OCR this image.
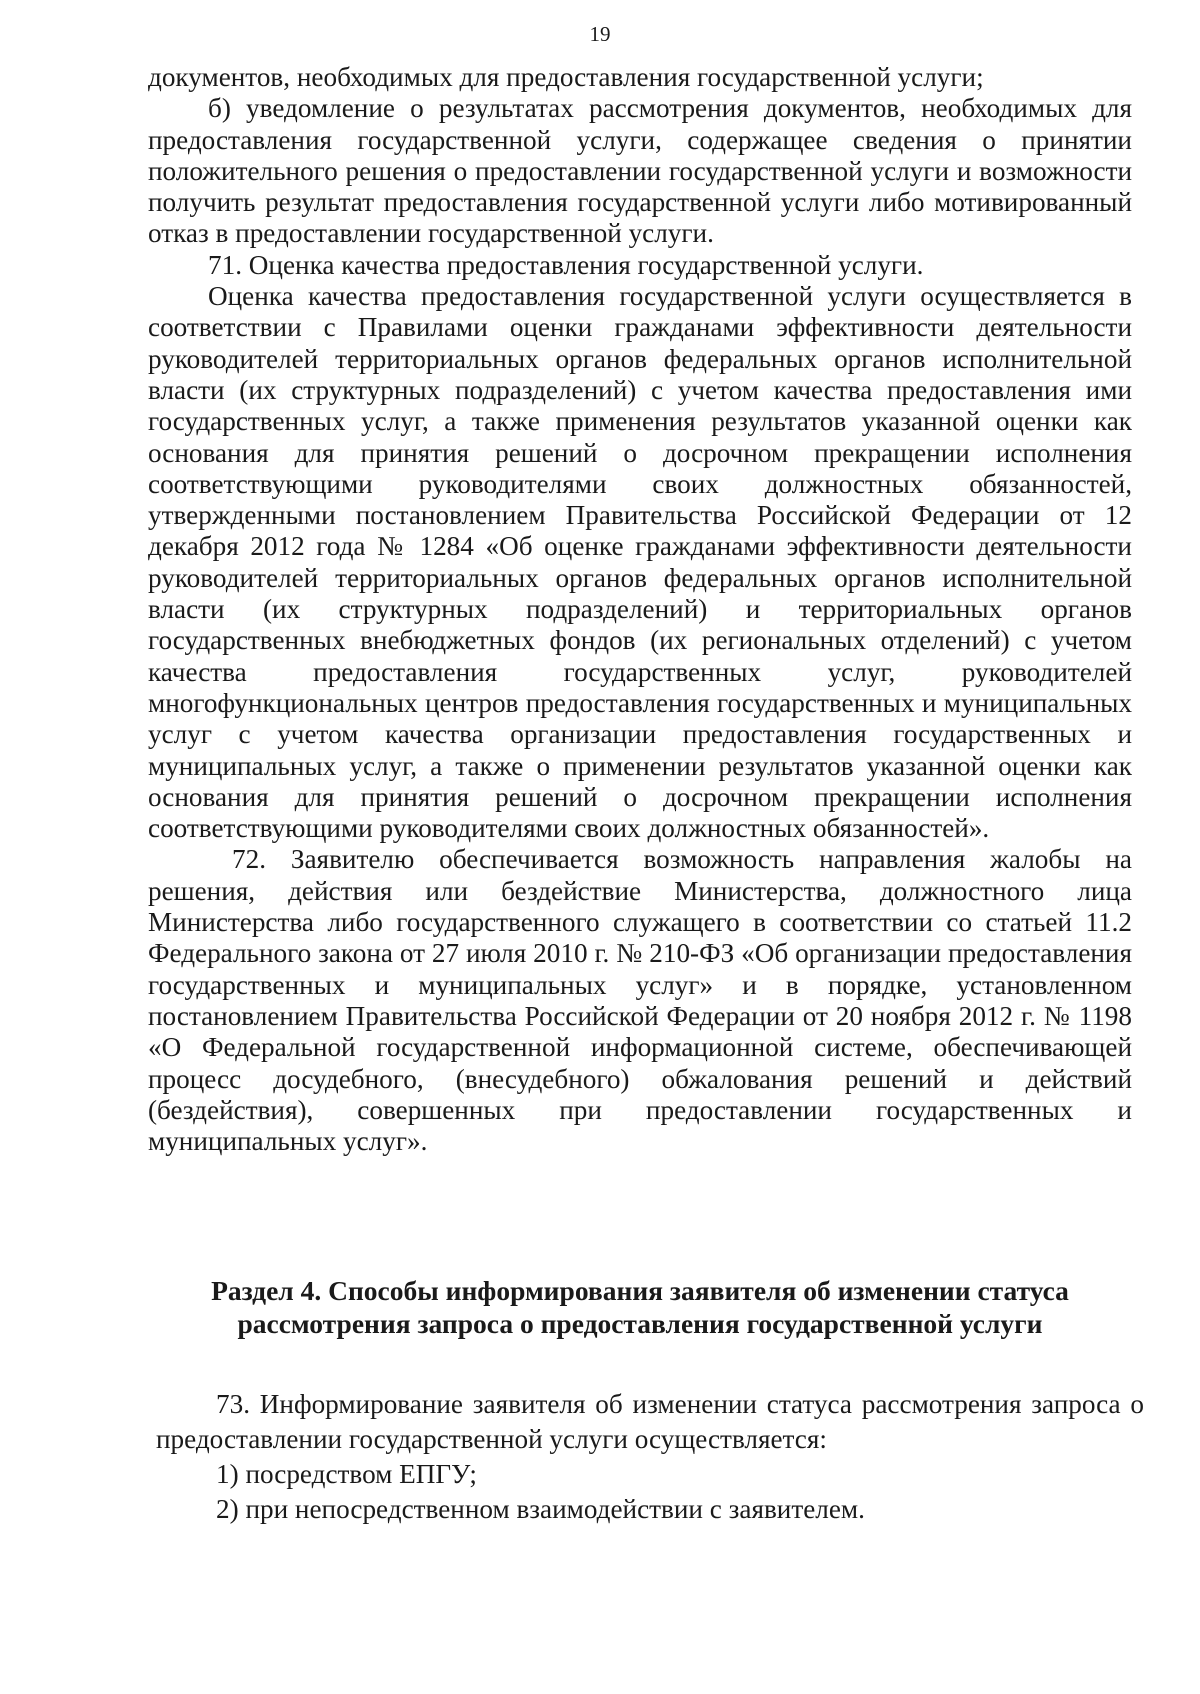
19

документов, необходимых для предоставления государственной услуги;

б) уведомление о результатах рассмотрения документов, необходимых для предоставления государственной услуги, содержащее сведения о принятии положительного решения о предоставлении государственной услуги и возможности получить результат предоставления государственной услуги либо мотивированный отказ в предоставлении государственной услуги.

71. Оценка качества предоставления государственной услуги.

Оценка качества предоставления государственной услуги осуществляется в соответствии с Правилами оценки гражданами эффективности деятельности руководителей территориальных органов федеральных органов исполнительной власти (их структурных подразделений) с учетом качества предоставления ими государственных услуг, а также применения результатов указанной оценки как основания для принятия решений о досрочном прекращении исполнения соответствующими руководителями своих должностных обязанностей, утвержденными постановлением Правительства Российской Федерации от 12 декабря 2012 года № 1284 «Об оценке гражданами эффективности деятельности руководителей территориальных органов федеральных органов исполнительной власти (их структурных подразделений) и территориальных органов государственных внебюджетных фондов (их региональных отделений) с учетом качества предоставления государственных услуг, руководителей многофункциональных центров предоставления государственных и муниципальных услуг с учетом качества организации предоставления государственных и муниципальных услуг, а также о применении результатов указанной оценки как основания для принятия решений о досрочном прекращении исполнения соответствующими руководителями своих должностных обязанностей».

72. Заявителю обеспечивается возможность направления жалобы на решения, действия или бездействие Министерства, должностного лица Министерства либо государственного служащего в соответствии со статьей 11.2 Федерального закона от 27 июля 2010 г. № 210-ФЗ «Об организации предоставления государственных и муниципальных услуг» и в порядке, установленном постановлением Правительства Российской Федерации от 20 ноября 2012 г. № 1198 «О Федеральной государственной информационной системе, обеспечивающей процесс досудебного, (внесудебного) обжалования решений и действий (бездействия), совершенных при предоставлении государственных и муниципальных услуг».

Раздел 4. Способы информирования заявителя об изменении статуса
рассмотрения запроса о предоставления государственной услуги

73. Информирование заявителя об изменении статуса рассмотрения запроса о предоставлении государственной услуги осуществляется:

1) посредством ЕПГУ;

2) при непосредственном взаимодействии с заявителем.
